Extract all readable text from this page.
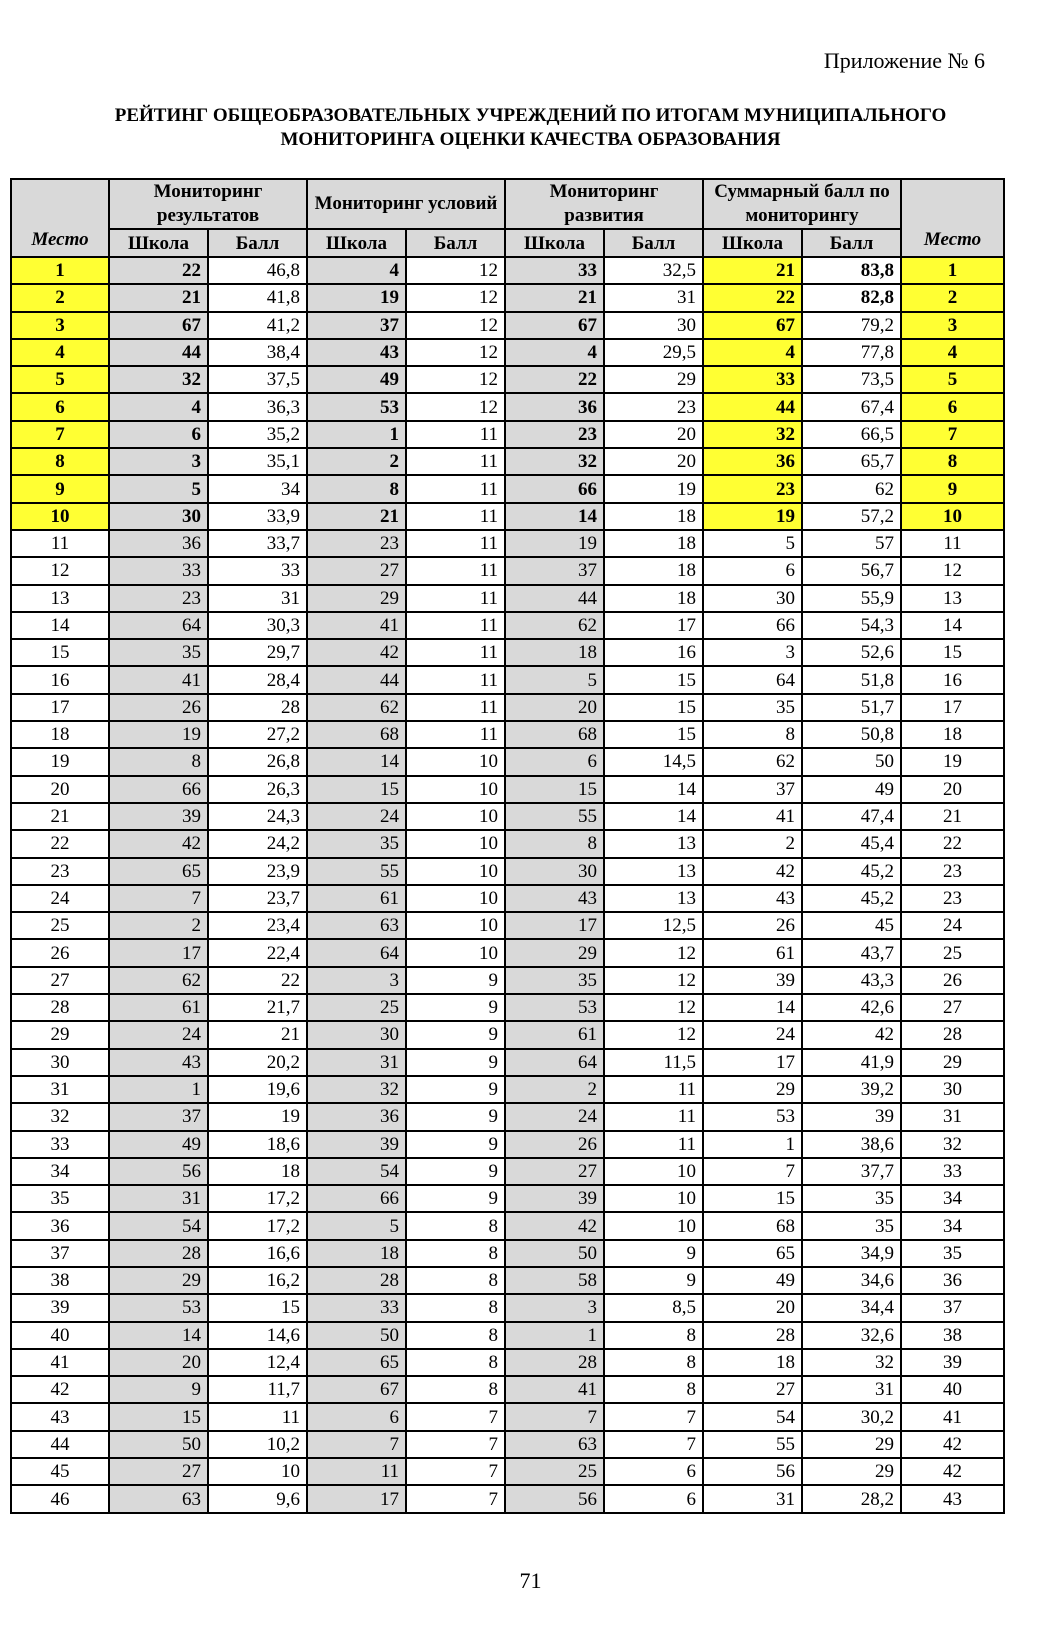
Приложение № 6
РЕЙТИНГ ОБЩЕОБРАЗОВАТЕЛЬНЫХ УЧРЕЖДЕНИЙ ПО ИТОГАМ МУНИЦИПАЛЬНОГО
МОНИТОРИНГА ОЦЕНКИ КАЧЕСТВА ОБРАЗОВАНИЯ
Место	Мониторинг результатов		Мониторинг условий		Мониторинг развития		Суммарный балл по мониторингу		Место
	Школа	Балл	Школа	Балл	Школа	Балл	Школа	Балл	
1	22	46,8	4	12	33	32,5	21	83,8	1
2	21	41,8	19	12	21	31	22	82,8	2
3	67	41,2	37	12	67	30	67	79,2	3
4	44	38,4	43	12	4	29,5	4	77,8	4
5	32	37,5	49	12	22	29	33	73,5	5
6	4	36,3	53	12	36	23	44	67,4	6
7	6	35,2	1	11	23	20	32	66,5	7
8	3	35,1	2	11	32	20	36	65,7	8
9	5	34	8	11	66	19	23	62	9
10	30	33,9	21	11	14	18	19	57,2	10
11	36	33,7	23	11	19	18	5	57	11
12	33	33	27	11	37	18	6	56,7	12
13	23	31	29	11	44	18	30	55,9	13
14	64	30,3	41	11	62	17	66	54,3	14
15	35	29,7	42	11	18	16	3	52,6	15
16	41	28,4	44	11	5	15	64	51,8	16
17	26	28	62	11	20	15	35	51,7	17
18	19	27,2	68	11	68	15	8	50,8	18
19	8	26,8	14	10	6	14,5	62	50	19
20	66	26,3	15	10	15	14	37	49	20
21	39	24,3	24	10	55	14	41	47,4	21
22	42	24,2	35	10	8	13	2	45,4	22
23	65	23,9	55	10	30	13	42	45,2	23
24	7	23,7	61	10	43	13	43	45,2	23
25	2	23,4	63	10	17	12,5	26	45	24
26	17	22,4	64	10	29	12	61	43,7	25
27	62	22	3	9	35	12	39	43,3	26
28	61	21,7	25	9	53	12	14	42,6	27
29	24	21	30	9	61	12	24	42	28
30	43	20,2	31	9	64	11,5	17	41,9	29
31	1	19,6	32	9	2	11	29	39,2	30
32	37	19	36	9	24	11	53	39	31
33	49	18,6	39	9	26	11	1	38,6	32
34	56	18	54	9	27	10	7	37,7	33
35	31	17,2	66	9	39	10	15	35	34
36	54	17,2	5	8	42	10	68	35	34
37	28	16,6	18	8	50	9	65	34,9	35
38	29	16,2	28	8	58	9	49	34,6	36
39	53	15	33	8	3	8,5	20	34,4	37
40	14	14,6	50	8	1	8	28	32,6	38
41	20	12,4	65	8	28	8	18	32	39
42	9	11,7	67	8	41	8	27	31	40
43	15	11	6	7	7	7	54	30,2	41
44	50	10,2	7	7	63	7	55	29	42
45	27	10	11	7	25	6	56	29	42
46	63	9,6	17	7	56	6	31	28,2	43
71
